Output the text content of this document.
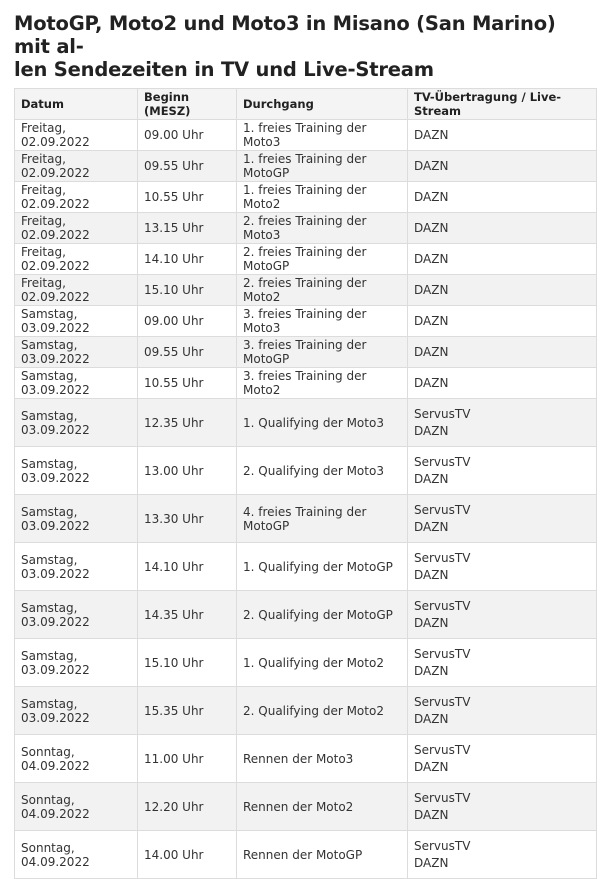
MotoGP, Moto2 und Moto3 in Misano (San Marino) mit al-
len Sendezeiten in TV und Live-Stream
Datum	Beginn (MESZ)	Durchgang	TV-Übertragung / Live-Stream
Freitag, 02.09.2022	09.00 Uhr	1. freies Training der Moto3	DAZN

Freitag, 02.09.2022	09.55 Uhr	1. freies Training der MotoGP	DAZN

Freitag, 02.09.2022	10.55 Uhr	1. freies Training der Moto2	DAZN

Freitag, 02.09.2022	13.15 Uhr	2. freies Training der Moto3	DAZN

Freitag, 02.09.2022	14.10 Uhr	2. freies Training der MotoGP	DAZN

Freitag, 02.09.2022	15.10 Uhr	2. freies Training der Moto2	DAZN

Samstag, 03.09.2022	09.00 Uhr	3. freies Training der Moto3	DAZN

Samstag, 03.09.2022	09.55 Uhr	3. freies Training der MotoGP	DAZN

Samstag, 03.09.2022	10.55 Uhr	3. freies Training der Moto2	DAZN

Samstag, 03.09.2022	12.35 Uhr	1. Qualifying der Moto3	ServusTV
DAZN

Samstag, 03.09.2022	13.00 Uhr	2. Qualifying der Moto3	ServusTV
DAZN

Samstag, 03.09.2022	13.30 Uhr	4. freies Training der MotoGP	ServusTV
DAZN

Samstag, 03.09.2022	14.10 Uhr	1. Qualifying der MotoGP	ServusTV
DAZN

Samstag, 03.09.2022	14.35 Uhr	2. Qualifying der MotoGP	ServusTV
DAZN

Samstag, 03.09.2022	15.10 Uhr	1. Qualifying der Moto2	ServusTV
DAZN

Samstag, 03.09.2022	15.35 Uhr	2. Qualifying der Moto2	ServusTV
DAZN

Sonntag, 04.09.2022	11.00 Uhr	Rennen der Moto3	ServusTV
DAZN

Sonntag, 04.09.2022	12.20 Uhr	Rennen der Moto2	ServusTV
DAZN

Sonntag, 04.09.2022	14.00 Uhr	Rennen der MotoGP	ServusTV
DAZN
